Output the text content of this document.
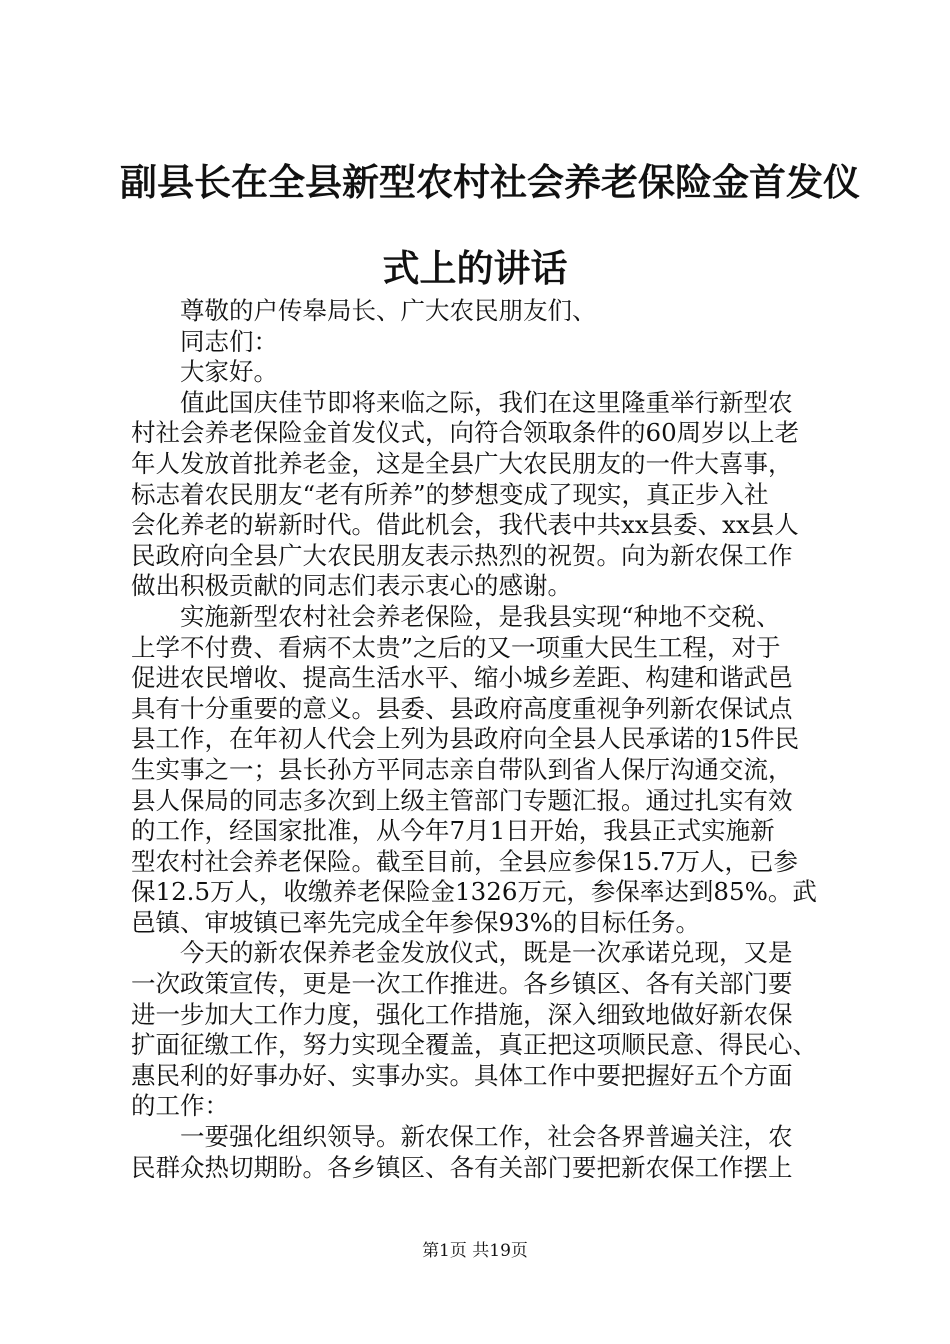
副县长在全县新型农村社会养老保险金首发仪
式上的讲话
尊敬的户传皋局长、广大农民朋友们、
同志们：
大家好。
值此国庆佳节即将来临之际，我们在这里隆重举行新型农
村社会养老保险金首发仪式，向符合领取条件的60周岁以上老
年人发放首批养老金，这是全县广大农民朋友的一件大喜事，
标志着农民朋友“老有所养”的梦想变成了现实，真正步入社
会化养老的崭新时代。借此机会，我代表中共xx县委、xx县人
民政府向全县广大农民朋友表示热烈的祝贺。向为新农保工作
做出积极贡献的同志们表示衷心的感谢。
实施新型农村社会养老保险，是我县实现“种地不交税、
上学不付费、看病不太贵”之后的又一项重大民生工程，对于
促进农民增收、提高生活水平、缩小城乡差距、构建和谐武邑
具有十分重要的意义。县委、县政府高度重视争列新农保试点
县工作，在年初人代会上列为县政府向全县人民承诺的15件民
生实事之一；县长孙方平同志亲自带队到省人保厅沟通交流，
县人保局的同志多次到上级主管部门专题汇报。通过扎实有效
的工作，经国家批准，从今年7月1日开始，我县正式实施新
型农村社会养老保险。截至目前，全县应参保15.7万人，已参
保12.5万人，收缴养老保险金1326万元，参保率达到85%。武
邑镇、审坡镇已率先完成全年参保93%的目标任务。
今天的新农保养老金发放仪式，既是一次承诺兑现，又是
一次政策宣传，更是一次工作推进。各乡镇区、各有关部门要
进一步加大工作力度，强化工作措施，深入细致地做好新农保
扩面征缴工作，努力实现全覆盖，真正把这项顺民意、得民心、
惠民利的好事办好、实事办实。具体工作中要把握好五个方面
的工作：
一要强化组织领导。新农保工作，社会各界普遍关注，农
民群众热切期盼。各乡镇区、各有关部门要把新农保工作摆上
第1页 共19页
